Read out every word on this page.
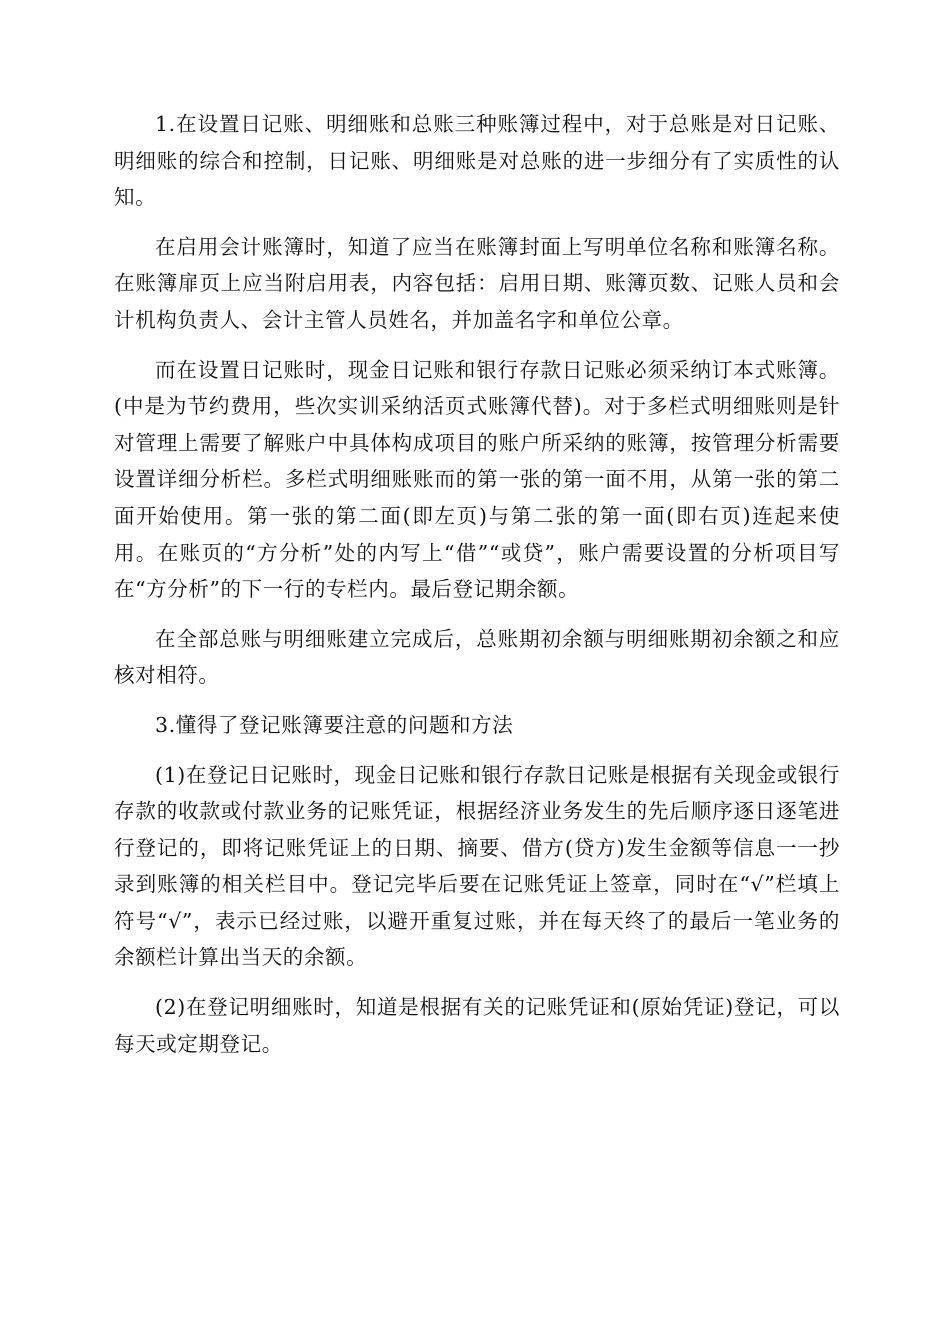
1.在设置日记账、明细账和总账三种账簿过程中，对于总账是对日记账、明细账的综合和控制，日记账、明细账是对总账的进一步细分有了实质性的认知。

在启用会计账簿时，知道了应当在账簿封面上写明单位名称和账簿名称。在账簿扉页上应当附启用表，内容包括：启用日期、账簿页数、记账人员和会计机构负责人、会计主管人员姓名，并加盖名字和单位公章。

而在设置日记账时，现金日记账和银行存款日记账必须采纳订本式账簿。(中是为节约费用，些次实训采纳活页式账簿代替)。对于多栏式明细账则是针对管理上需要了解账户中具体构成项目的账户所采纳的账簿，按管理分析需要设置详细分析栏。多栏式明细账账而的第一张的第一面不用，从第一张的第二面开始使用。第一张的第二面(即左页)与第二张的第一面(即右页)连起来使用。在账页的“方分析”处的内写上“借”“或贷”，账户需要设置的分析项目写在“方分析”的下一行的专栏内。最后登记期余额。

在全部总账与明细账建立完成后，总账期初余额与明细账期初余额之和应核对相符。

3.懂得了登记账簿要注意的问题和方法

(1)在登记日记账时，现金日记账和银行存款日记账是根据有关现金或银行存款的收款或付款业务的记账凭证，根据经济业务发生的先后顺序逐日逐笔进行登记的，即将记账凭证上的日期、摘要、借方(贷方)发生金额等信息一一抄录到账簿的相关栏目中。登记完毕后要在记账凭证上签章，同时在“√”栏填上符号“√”，表示已经过账，以避开重复过账，并在每天终了的最后一笔业务的余额栏计算出当天的余额。

(2)在登记明细账时，知道是根据有关的记账凭证和(原始凭证)登记，可以每天或定期登记。
